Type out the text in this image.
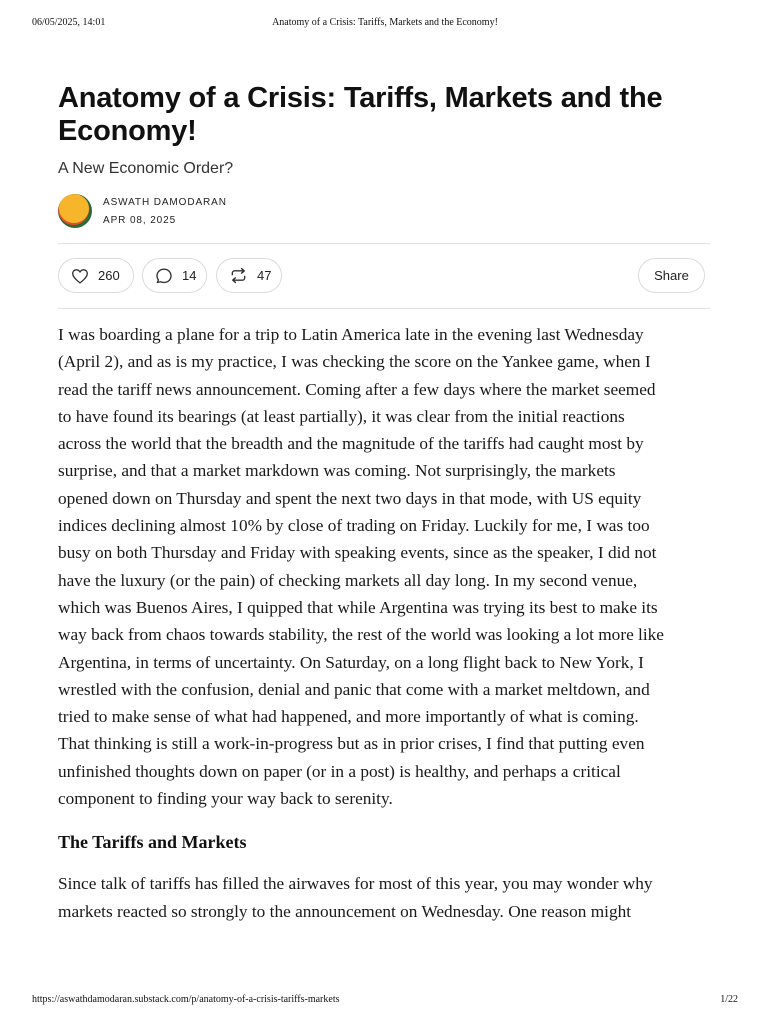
06/05/2025, 14:01	Anatomy of a Crisis: Tariffs, Markets and the Economy!
Anatomy of a Crisis: Tariffs, Markets and the Economy!
A New Economic Order?
ASWATH DAMODARAN
APR 08, 2025
260	14	47	Share
I was boarding a plane for a trip to Latin America late in the evening last Wednesday
(April 2), and as is my practice, I was checking the score on the Yankee game, when I
read the tariff news announcement. Coming after a few days where the market seemed
to have found its bearings (at least partially), it was clear from the initial reactions
across the world that the breadth and the magnitude of the tariffs had caught most by
surprise, and that a market markdown was coming. Not surprisingly, the markets
opened down on Thursday and spent the next two days in that mode, with US equity
indices declining almost 10% by close of trading on Friday. Luckily for me, I was too
busy on both Thursday and Friday with speaking events, since as the speaker, I did not
have the luxury (or the pain) of checking markets all day long. In my second venue,
which was Buenos Aires, I quipped that while Argentina was trying its best to make its
way back from chaos towards stability, the rest of the world was looking a lot more like
Argentina, in terms of uncertainty. On Saturday, on a long flight back to New York, I
wrestled with the confusion, denial and panic that come with a market meltdown, and
tried to make sense of what had happened, and more importantly of what is coming.
That thinking is still a work-in-progress but as in prior crises, I find that putting even
unfinished thoughts down on paper (or in a post) is healthy, and perhaps a critical
component to finding your way back to serenity.
The Tariffs and Markets
Since talk of tariffs has filled the airwaves for most of this year, you may wonder why
markets reacted so strongly to the announcement on Wednesday. One reason might
https://aswathdamodaran.substack.com/p/anatomy-of-a-crisis-tariffs-markets	1/22
